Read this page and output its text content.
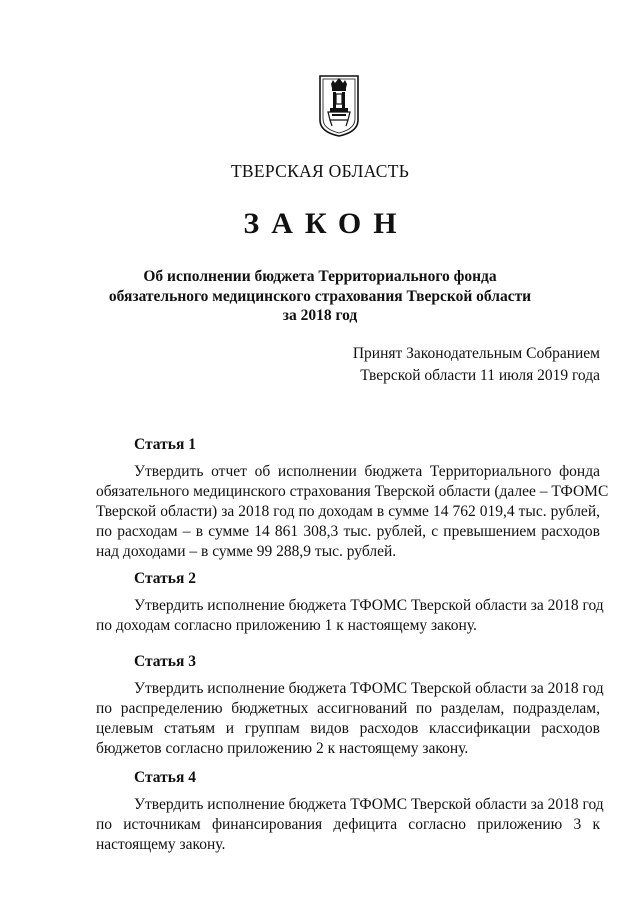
ТВЕРСКАЯ ОБЛАСТЬ
ЗАКОН
Об исполнении бюджета Территориального фонда
обязательного медицинского страхования Тверской области
за 2018 год
Принят Законодательным Собранием
Тверской области 11 июля 2019 года
Статья 1
Утвердить отчет об исполнении бюджета Территориального фонда
обязательного медицинского страхования Тверской области (далее – ТФОМС
Тверской области) за 2018 год по доходам в сумме 14 762 019,4 тыс. рублей,
по расходам – в сумме 14 861 308,3 тыс. рублей, с превышением расходов
над доходами – в сумме 99 288,9 тыс. рублей.
Статья 2
Утвердить исполнение бюджета ТФОМС Тверской области за 2018 год
по доходам согласно приложению 1 к настоящему закону.
Статья 3
Утвердить исполнение бюджета ТФОМС Тверской области за 2018 год
по распределению бюджетных ассигнований по разделам, подразделам,
целевым статьям и группам видов расходов классификации расходов
бюджетов согласно приложению 2 к настоящему закону.
Статья 4
Утвердить исполнение бюджета ТФОМС Тверской области за 2018 год
по источникам финансирования дефицита согласно приложению 3 к
настоящему закону.
